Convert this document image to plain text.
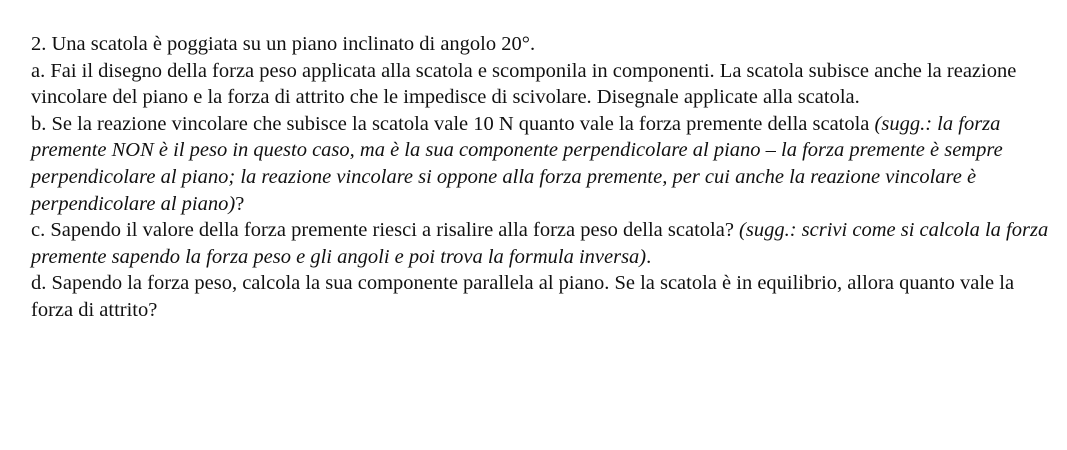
2. Una scatola è poggiata su un piano inclinato di angolo 20°.

a. Fai il disegno della forza peso applicata alla scatola e scomponila in componenti. La scatola subisce anche la reazione vincolare del piano e la forza di attrito che le impedisce di scivolare. Disegnale applicate alla scatola.

b. Se la reazione vincolare che subisce la scatola vale 10 N quanto vale la forza premente della scatola (sugg.: la forza premente NON è il peso in questo caso, ma è la sua componente perpendicolare al piano – la forza premente è sempre perpendicolare al piano; la reazione vincolare si oppone alla forza premente, per cui anche la reazione vincolare è perpendicolare al piano)?

c. Sapendo il valore della forza premente riesci a risalire alla forza peso della scatola? (sugg.: scrivi come si calcola la forza premente sapendo la forza peso e gli angoli e poi trova la formula inversa).

d. Sapendo la forza peso, calcola la sua componente parallela al piano. Se la scatola è in equilibrio, allora quanto vale la forza di attrito?
